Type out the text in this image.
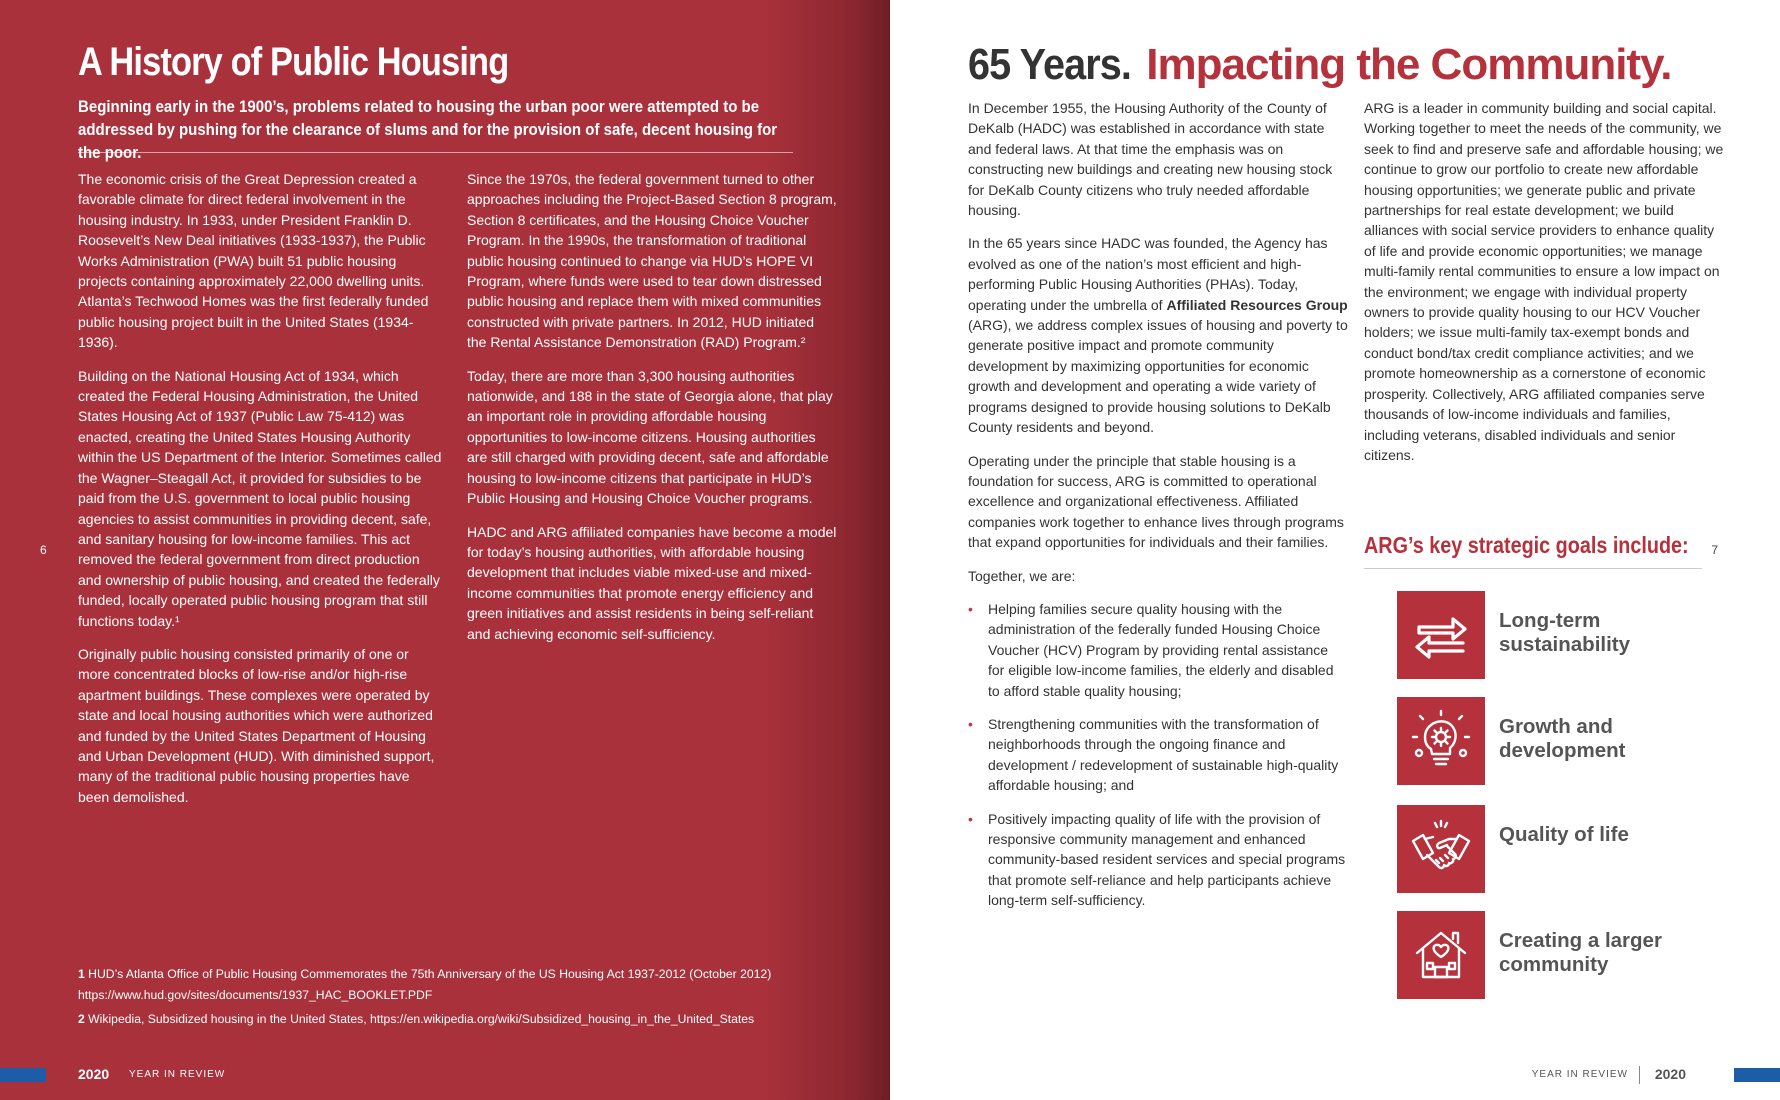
A History of Public Housing

Beginning early in the 1900’s, problems related to housing the urban poor were attempted to be addressed by pushing for the clearance of slums and for the provision of safe, decent housing for the poor.

The economic crisis of the Great Depression created a favorable climate for direct federal involvement in the housing industry. In 1933, under President Franklin D. Roosevelt’s New Deal initiatives (1933-1937), the Public Works Administration (PWA) built 51 public housing projects containing approximately 22,000 dwelling units. Atlanta’s Techwood Homes was the first federally funded public housing project built in the United States (1934-1936).

Building on the National Housing Act of 1934, which created the Federal Housing Administration, the United States Housing Act of 1937 (Public Law 75-412) was enacted, creating the United States Housing Authority within the US Department of the Interior. Sometimes called the Wagner–Steagall Act, it provided for subsidies to be paid from the U.S. government to local public housing agencies to assist communities in providing decent, safe, and sanitary housing for low-income families. This act removed the federal government from direct production and ownership of public housing, and created the federally funded, locally operated public housing program that still functions today.¹

Originally public housing consisted primarily of one or more concentrated blocks of low-rise and/or high-rise apartment buildings. These complexes were operated by state and local housing authorities which were authorized and funded by the United States Department of Housing and Urban Development (HUD). With diminished support, many of the traditional public housing properties have been demolished.

Since the 1970s, the federal government turned to other approaches including the Project-Based Section 8 program, Section 8 certificates, and the Housing Choice Voucher Program. In the 1990s, the transformation of traditional public housing continued to change via HUD’s HOPE VI Program, where funds were used to tear down distressed public housing and replace them with mixed communities constructed with private partners. In 2012, HUD initiated the Rental Assistance Demonstration (RAD) Program.²

Today, there are more than 3,300 housing authorities nationwide, and 188 in the state of Georgia alone, that play an important role in providing affordable housing opportunities to low-income citizens. Housing authorities are still charged with providing decent, safe and affordable housing to low-income citizens that participate in HUD’s Public Housing and Housing Choice Voucher programs.

HADC and ARG affiliated companies have become a model for today’s housing authorities, with affordable housing development that includes viable mixed-use and mixed-income communities that promote energy efficiency and green initiatives and assist residents in being self-reliant and achieving economic self-sufficiency.

1 HUD’s Atlanta Office of Public Housing Commemorates the 75th Anniversary of the US Housing Act 1937-2012 (October 2012) https://www.hud.gov/sites/documents/1937_HAC_BOOKLET.PDF

2 Wikipedia, Subsidized housing in the United States, https://en.wikipedia.org/wiki/Subsidized_housing_in_the_United_States

6
2020 YEAR IN REVIEW
65 Years. Impacting the Community.

In December 1955, the Housing Authority of the County of DeKalb (HADC) was established in accordance with state and federal laws. At that time the emphasis was on constructing new buildings and creating new housing stock for DeKalb County citizens who truly needed affordable housing.

In the 65 years since HADC was founded, the Agency has evolved as one of the nation’s most efficient and high-performing Public Housing Authorities (PHAs). Today, operating under the umbrella of Affiliated Resources Group (ARG), we address complex issues of housing and poverty to generate positive impact and promote community development by maximizing opportunities for economic growth and development and operating a wide variety of programs designed to provide housing solutions to DeKalb County residents and beyond.

Operating under the principle that stable housing is a foundation for success, ARG is committed to operational excellence and organizational effectiveness. Affiliated companies work together to enhance lives through programs that expand opportunities for individuals and their families.

Together, we are:

• Helping families secure quality housing with the administration of the federally funded Housing Choice Voucher (HCV) Program by providing rental assistance for eligible low-income families, the elderly and disabled to afford stable quality housing;
• Strengthening communities with the transformation of neighborhoods through the ongoing finance and development / redevelopment of sustainable high-quality affordable housing; and
• Positively impacting quality of life with the provision of responsive community management and enhanced community-based resident services and special programs that promote self-reliance and help participants achieve long-term self-sufficiency.

ARG is a leader in community building and social capital. Working together to meet the needs of the community, we seek to find and preserve safe and affordable housing; we continue to grow our portfolio to create new affordable housing opportunities; we generate public and private partnerships for real estate development; we build alliances with social service providers to enhance quality of life and provide economic opportunities; we manage multi-family rental communities to ensure a low impact on the environment; we engage with individual property owners to provide quality housing to our HCV Voucher holders; we issue multi-family tax-exempt bonds and conduct bond/tax credit compliance activities; and we promote homeownership as a cornerstone of economic prosperity. Collectively, ARG affiliated companies serve thousands of low-income individuals and families, including veterans, disabled individuals and senior citizens.

ARG’s key strategic goals include:
Long-term sustainability
Growth and development
Quality of life
Creating a larger community
7
YEAR IN REVIEW 2020
